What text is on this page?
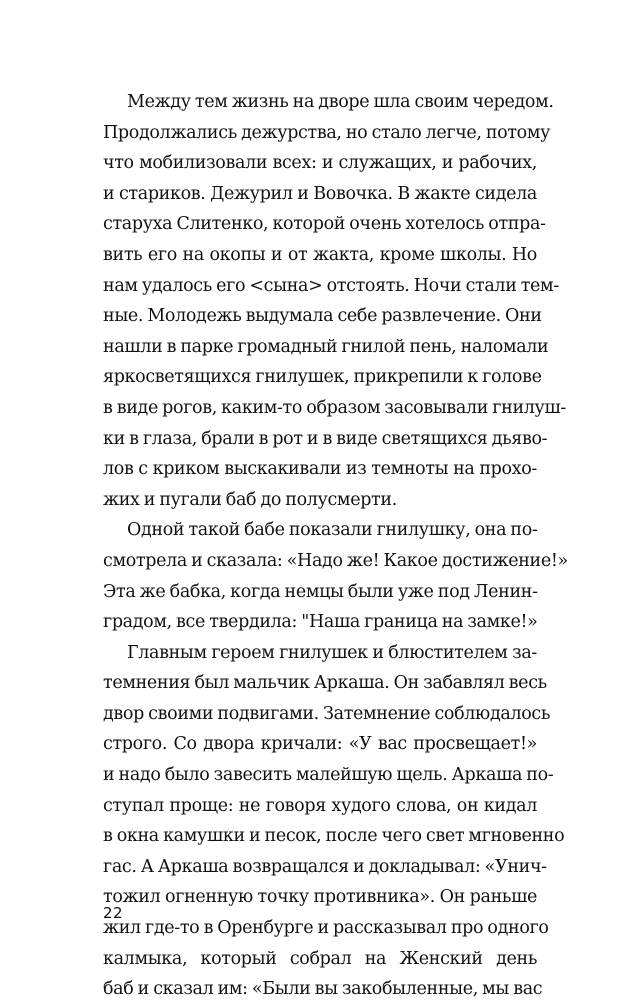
Между тем жизнь на дворе шла своим чередом.
Продолжались дежурства, но стало легче, потому
что мобилизовали всех: и служащих, и рабочих,
и стариков. Дежурил и Вовочка. В жакте сидела
старуха Слитенко, которой очень хотелось отпра-
вить его на окопы и от жакта, кроме школы. Но
нам удалось его <сына> отстоять. Ночи стали тем-
ные. Молодежь выдумала себе развлечение. Они
нашли в парке громадный гнилой пень, наломали
яркосветящихся гнилушек, прикрепили к голове
в виде рогов, каким-то образом засовывали гнилуш-
ки в глаза, брали в рот и в виде светящихся дьяво-
лов с криком выскакивали из темноты на прохо-
жих и пугали баб до полусмерти.
Одной такой бабе показали гнилушку, она по-
смотрела и сказала: «Надо же! Какое достижение!»
Эта же бабка, когда немцы были уже под Ленин-
градом, все твердила: "Наша граница на замке!»
Главным героем гнилушек и блюстителем за-
темнения был мальчик Аркаша. Он забавлял весь
двор своими подвигами. Затемнение соблюдалось
строго. Со двора кричали: «У вас просвещает!»
и надо было завесить малейшую щель. Аркаша по-
ступал проще: не говоря худого слова, он кидал
в окна камушки и песок, после чего свет мгновенно
гас. А Аркаша возвращался и докладывал: «Унич-
тожил огненную точку противника». Он раньше
жил где-то в Оренбурге и рассказывал про одного
калмыка, который собрал на Женский день
баб и сказал им: «Были вы закобыленные, мы вас
22
